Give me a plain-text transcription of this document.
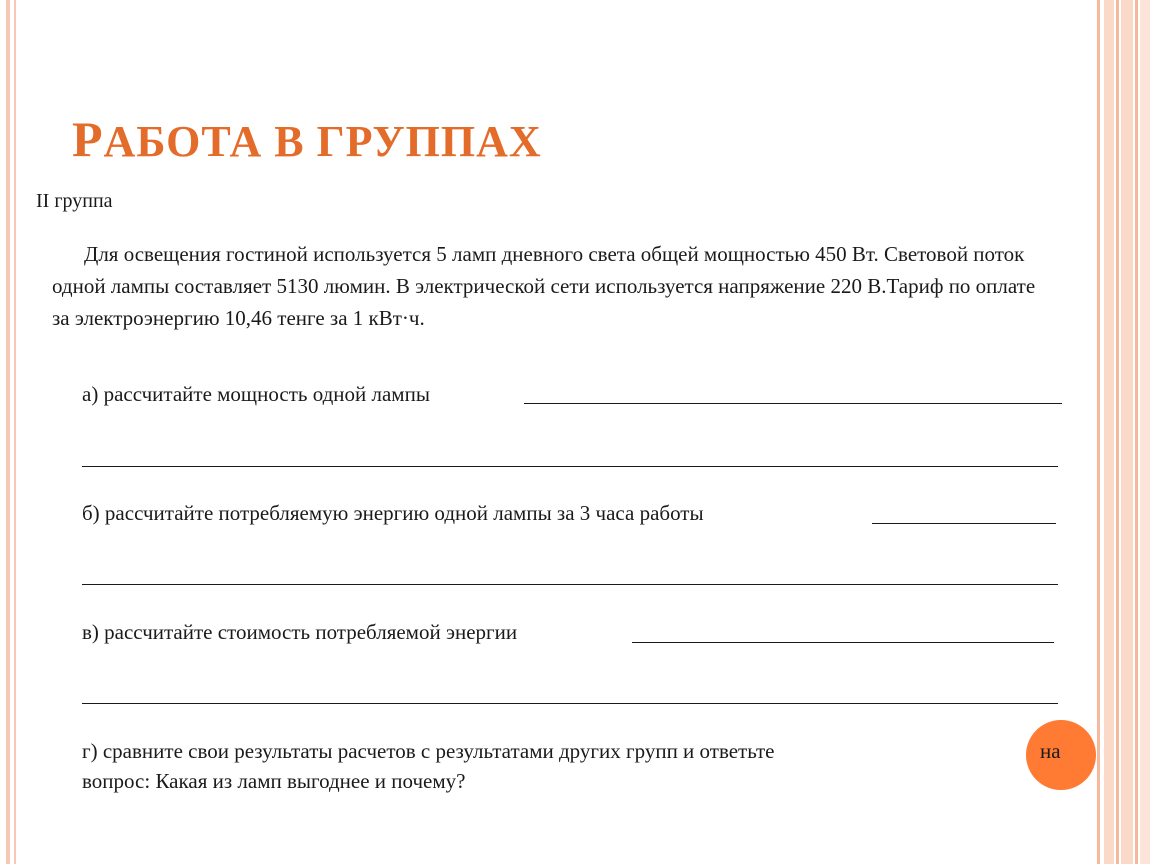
РАБОТА В ГРУППАХ

II группа

Для освещения гостиной используется 5 ламп дневного света общей мощностью 450 Вт. Световой поток одной лампы составляет 5130 люмин. В электрической сети используется напряжение 220 В.Тариф по оплате за электроэнергию 10,46 тенге за 1 кВт·ч.

а) рассчитайте мощность одной лампы

б) рассчитайте потребляемую энергию одной лампы за 3 часа работы

в) рассчитайте стоимость потребляемой энергии

г) сравните свои результаты расчетов с результатами других групп и ответьте
вопрос: Какая из ламп выгоднее и почему?

на
